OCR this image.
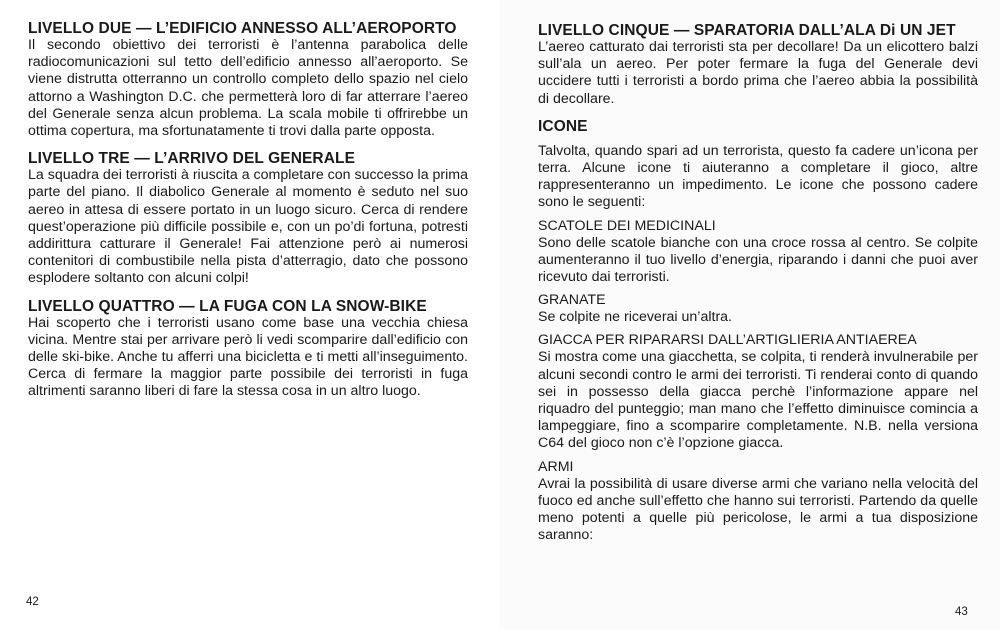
LIVELLO DUE — L’EDIFICIO ANNESSO ALL’AEROPORTO

Il secondo obiettivo dei terroristi è l’antenna parabolica delle radiocomunicazioni sul tetto dell’edificio annesso all’aeroporto. Se viene distrutta otterranno un controllo completo dello spazio nel cielo attorno a Washington D.C. che permetterà loro di far atterrare l’aereo del Generale senza alcun problema. La scala mobile ti offrirebbe un ottima copertura, ma sfortunatamente ti trovi dalla parte opposta.

LIVELLO TRE — L’ARRIVO DEL GENERALE

La squadra dei terroristi à riuscita a completare con successo la prima parte del piano. Il diabolico Generale al momento è seduto nel suo aereo in attesa di essere portato in un luogo sicuro. Cerca di rendere quest’operazione più difficile possibile e, con un po’di fortuna, potresti addirittura catturare il Generale! Fai attenzione però ai numerosi contenitori di combustibile nella pista d’atterragio, dato che possono esplodere soltanto con alcuni colpi!

LIVELLO QUATTRO — LA FUGA CON LA SNOW-BIKE

Hai scoperto che i terroristi usano come base una vecchia chiesa vicina. Mentre stai per arrivare però li vedi scomparire dall’edificio con delle ski-bike. Anche tu afferri una bicicletta e ti metti all’inseguimento. Cerca di fermare la maggior parte possibile dei terroristi in fuga altrimenti saranno liberi di fare la stessa cosa in un altro luogo.

42
LIVELLO CINQUE — SPARATORIA DALL’ALA Di UN JET

L’aereo catturato dai terroristi sta per decollare! Da un elicottero balzi sull’ala un aereo. Per poter fermare la fuga del Generale devi uccidere tutti i terroristi a bordo prima che l’aereo abbia la possibilità di decollare.

ICONE

Talvolta, quando spari ad un terrorista, questo fa cadere un’icona per terra. Alcune icone ti aiuteranno a completare il gioco, altre rappresenteranno un impedimento. Le icone che possono cadere sono le seguenti:

SCATOLE DEI MEDICINALI

Sono delle scatole bianche con una croce rossa al centro. Se colpite aumenteranno il tuo livello d’energia, riparando i danni che puoi aver ricevuto dai terroristi.

GRANATE

Se colpite ne riceverai un’altra.

GIACCA PER RIPARARSI DALL’ARTIGLIERIA ANTIAEREA

Si mostra come una giacchetta, se colpita, ti renderà invulnerabile per alcuni secondi contro le armi dei terroristi. Ti renderai conto di quando sei in possesso della giacca perchè l’informazione appare nel riquadro del punteggio; man mano che l’effetto diminuisce comincia a lampeggiare, fino a scomparire completamente. N.B. nella versiona C64 del gioco non c’è l’opzione giacca.

ARMI

Avrai la possibilità di usare diverse armi che variano nella velocità del fuoco ed anche sull’effetto che hanno sui terroristi. Partendo da quelle meno potenti a quelle più pericolose, le armi a tua disposizione saranno:

43
